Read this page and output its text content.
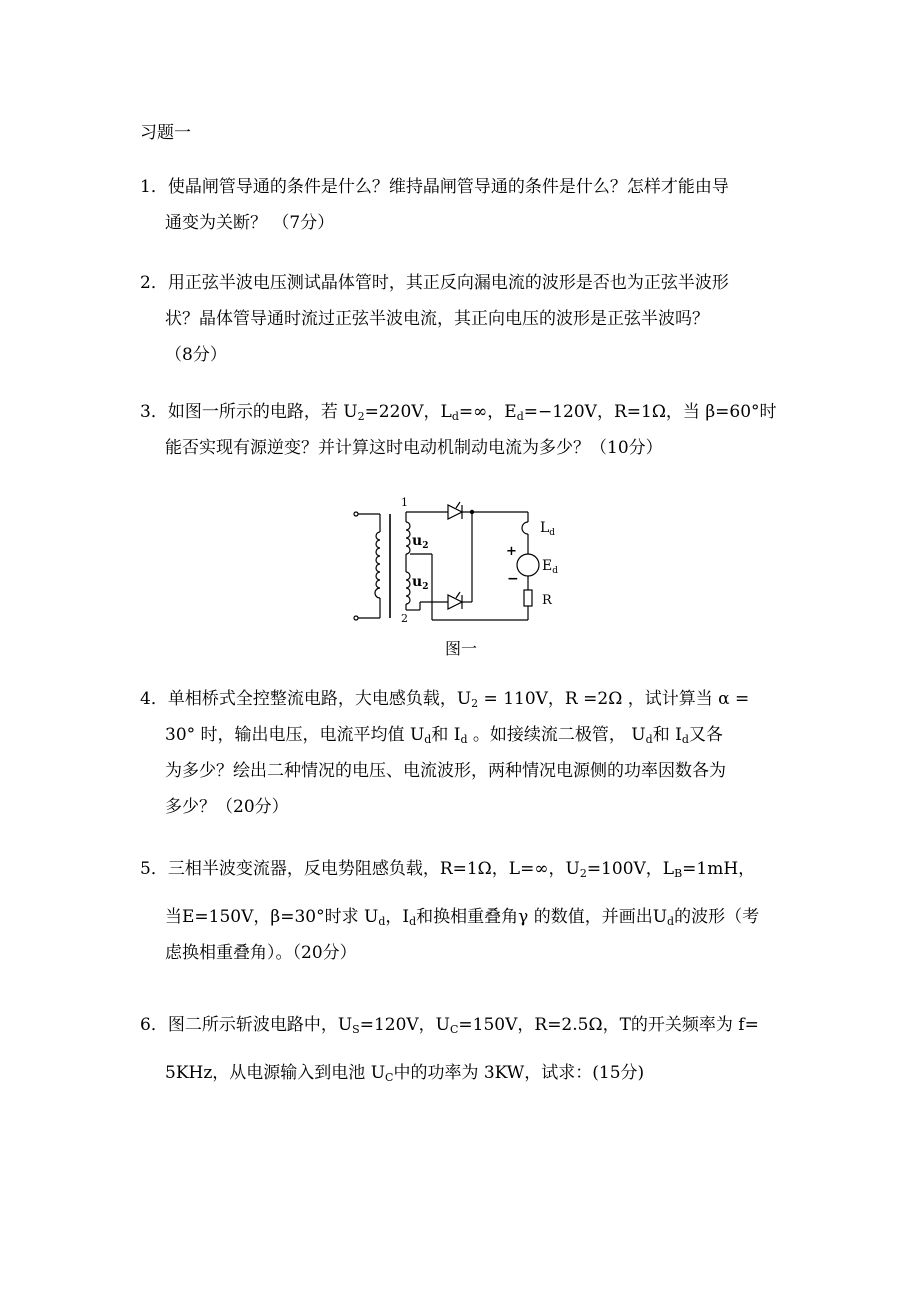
习题一
1．使晶闸管导通的条件是什么？维持晶闸管导通的条件是什么？怎样才能由导
通变为关断？ （7分）
2．用正弦半波电压测试晶体管时，其正反向漏电流的波形是否也为正弦半波形
状？晶体管导通时流过正弦半波电流，其正向电压的波形是正弦半波吗？
（8分）
3．如图一所示的电路，若 $U_2=220V$，$L_d=\infty$，$E_d=-120V$，R=1Ω，当 β=60°时
能否实现有源逆变？并计算这时电动机制动电流为多少？（10分）
1
2
$u_2$
$u_2$
$L_d$
$E_d$
R
+
−
图一
4．单相桥式全控整流电路，大电感负载，$U_2 = 110V$，R =2Ω ，试计算当 α =
30° 时，输出电压，电流平均值 $U_d$和 $I_d$ 。如接续流二极管， $U_d$和 $I_d$又各
为多少？绘出二种情况的电压、电流波形，两种情况电源侧的功率因数各为
多少？（20分）
5．三相半波变流器，反电势阻感负载，R=1Ω，L=∞，$U_2=100V$，$L_B=1mH$，
当E=150V，β=30°时求 $U_d$，$I_d$和换相重叠角γ 的数值，并画出$U_d$的波形（考
虑换相重叠角）。（20分）
6．图二所示斩波电路中，$U_S=120V$，$U_C=150V$，R=2.5Ω，T的开关频率为 f=
5KHz，从电源输入到电池 $U_C$中的功率为 3KW，试求：(15分)
